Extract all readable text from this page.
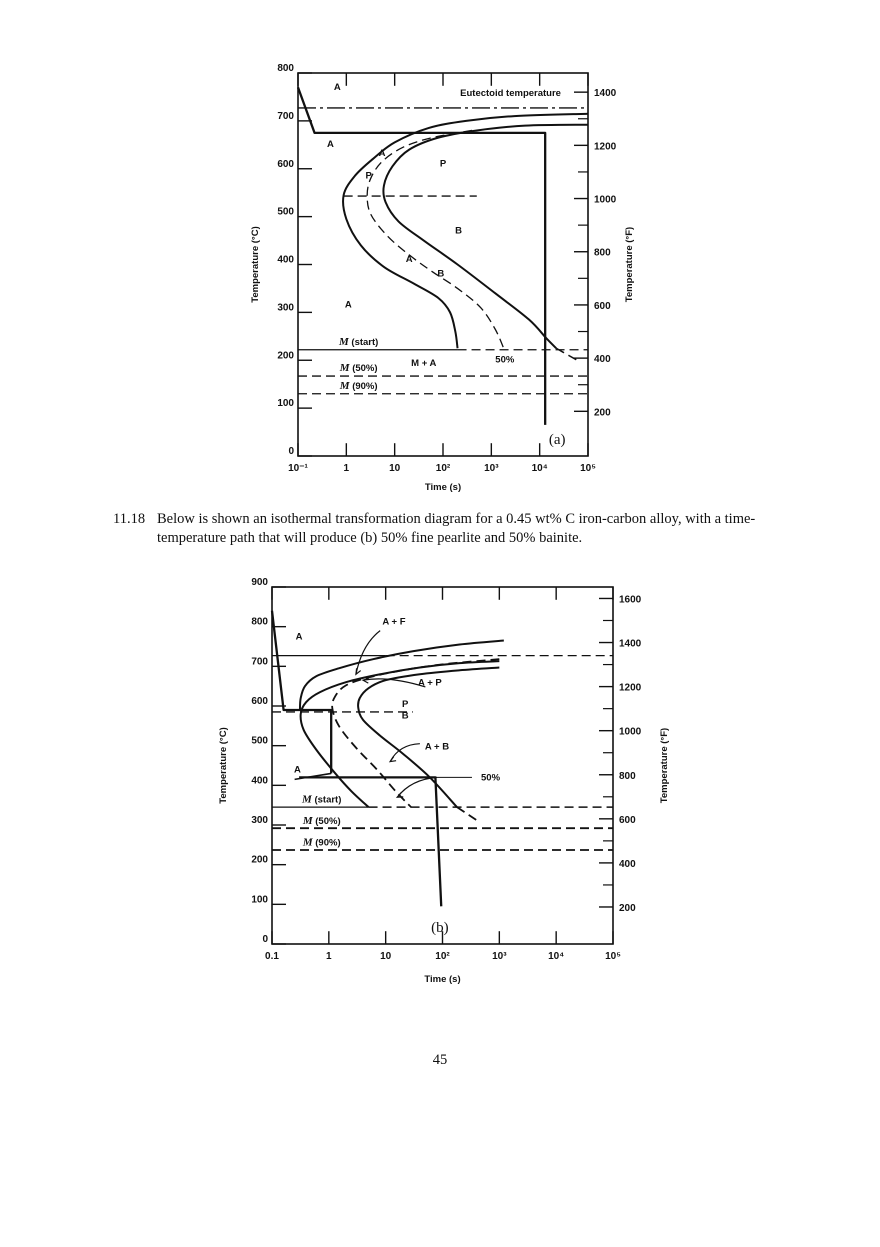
10⁻¹	1	10	10²	10³	10⁴	10⁵
0
100
200
300
400
500
600
700
800
200
400
600
800
1000
1200
1400
Time (s)
Temperature (°C)	Temperature (°F)
A
Eutectoid temperature
A
A
P
P
B
A
B
A
M + A	50%
M (start)
M (50%)
M (90%)
(a)
0.1	1	10	10²	10³	10⁴	10⁵
0
100
200
300
400
500
600
700
800
900
200
400
600
800
1000
1200
1400
1600
Time (s)
Temperature (°C)	Temperature (°F)
A
A + F
A + P
P
B
A + B
A
50%
M (start)
M (50%)
M (90%)
(b)
11.18 Below is shown an isothermal transformation diagram for a 0.45 wt% C iron-carbon alloy, with a time-temperature path that will produce (b) 50% fine pearlite and 50% bainite.
45
